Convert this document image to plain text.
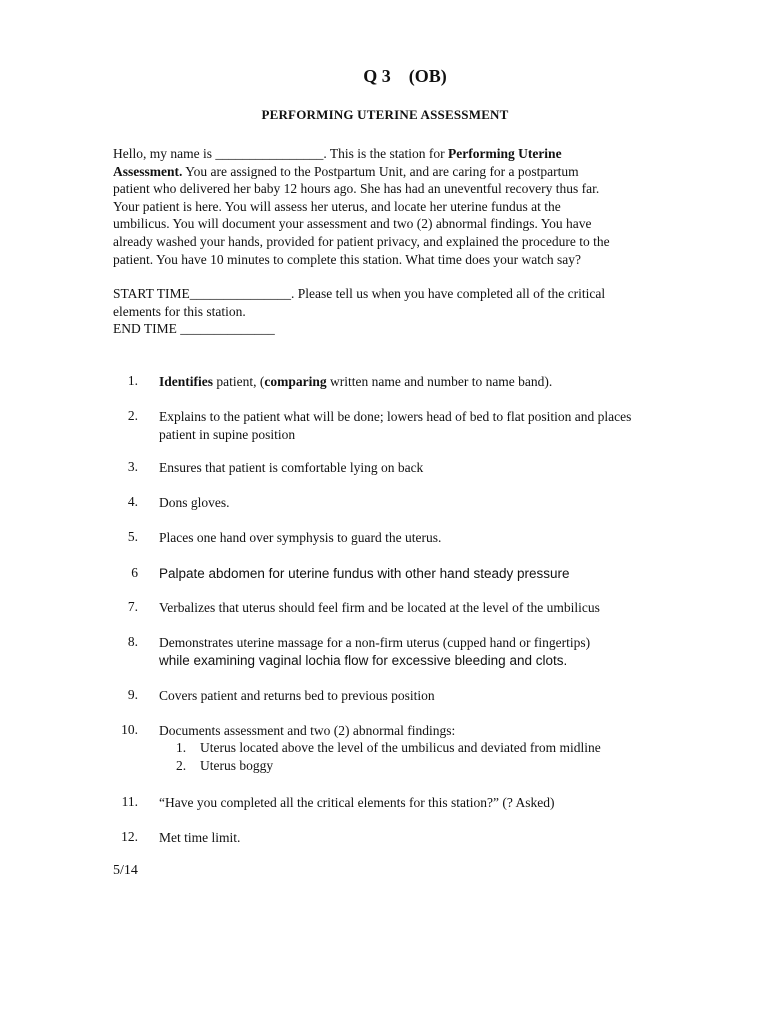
Q 3    (OB)
PERFORMING UTERINE ASSESSMENT
Hello, my name is ________________. This is the station for Performing Uterine
Assessment. You are assigned to the Postpartum Unit, and are caring for a postpartum
patient who delivered her baby 12 hours ago. She has had an uneventful recovery thus far.
Your patient is here. You will assess her uterus, and locate her uterine fundus at the
umbilicus. You will document your assessment and two (2) abnormal findings. You have
already washed your hands, provided for patient privacy, and explained the procedure to the
patient. You have 10 minutes to complete this station. What time does your watch say?
START TIME_______________. Please tell us when you have completed all of the critical
elements for this station.
END TIME ______________
1. Identifies patient, (comparing written name and number to name band).
2. Explains to the patient what will be done; lowers head of bed to flat position and places
patient in supine position
3. Ensures that patient is comfortable lying on back
4. Dons gloves.
5. Places one hand over symphysis to guard the uterus.
6 Palpate abdomen for uterine fundus with other hand steady pressure
7. Verbalizes that uterus should feel firm and be located at the level of the umbilicus
8. Demonstrates uterine massage for a non-firm uterus (cupped hand or fingertips)
while examining vaginal lochia flow for excessive bleeding and clots.
9. Covers patient and returns bed to previous position
10. Documents assessment and two (2) abnormal findings:
1. Uterus located above the level of the umbilicus and deviated from midline
2. Uterus boggy
11. “Have you completed all the critical elements for this station?” (? Asked)
12. Met time limit.
5/14
